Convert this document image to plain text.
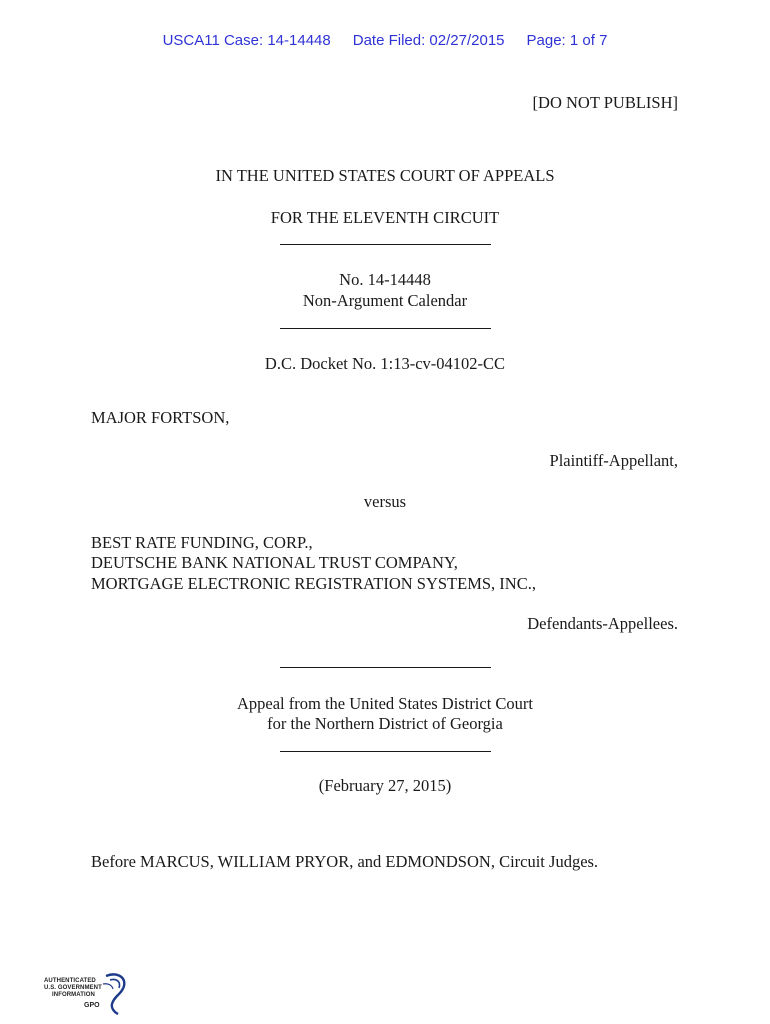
USCA11 Case: 14-14448 Date Filed: 02/27/2015 Page: 1 of 7
[DO NOT PUBLISH]
IN THE UNITED STATES COURT OF APPEALS
FOR THE ELEVENTH CIRCUIT
No. 14-14448
Non-Argument Calendar
D.C. Docket No. 1:13-cv-04102-CC
MAJOR FORTSON,
Plaintiff-Appellant,
versus
BEST RATE FUNDING, CORP.,
DEUTSCHE BANK NATIONAL TRUST COMPANY,
MORTGAGE ELECTRONIC REGISTRATION SYSTEMS, INC.,
Defendants-Appellees.
Appeal from the United States District Court
for the Northern District of Georgia
(February 27, 2015)
Before MARCUS, WILLIAM PRYOR, and EDMONDSON, Circuit Judges.
AUTHENTICATED
U.S. GOVERNMENT
INFORMATION
GPO
